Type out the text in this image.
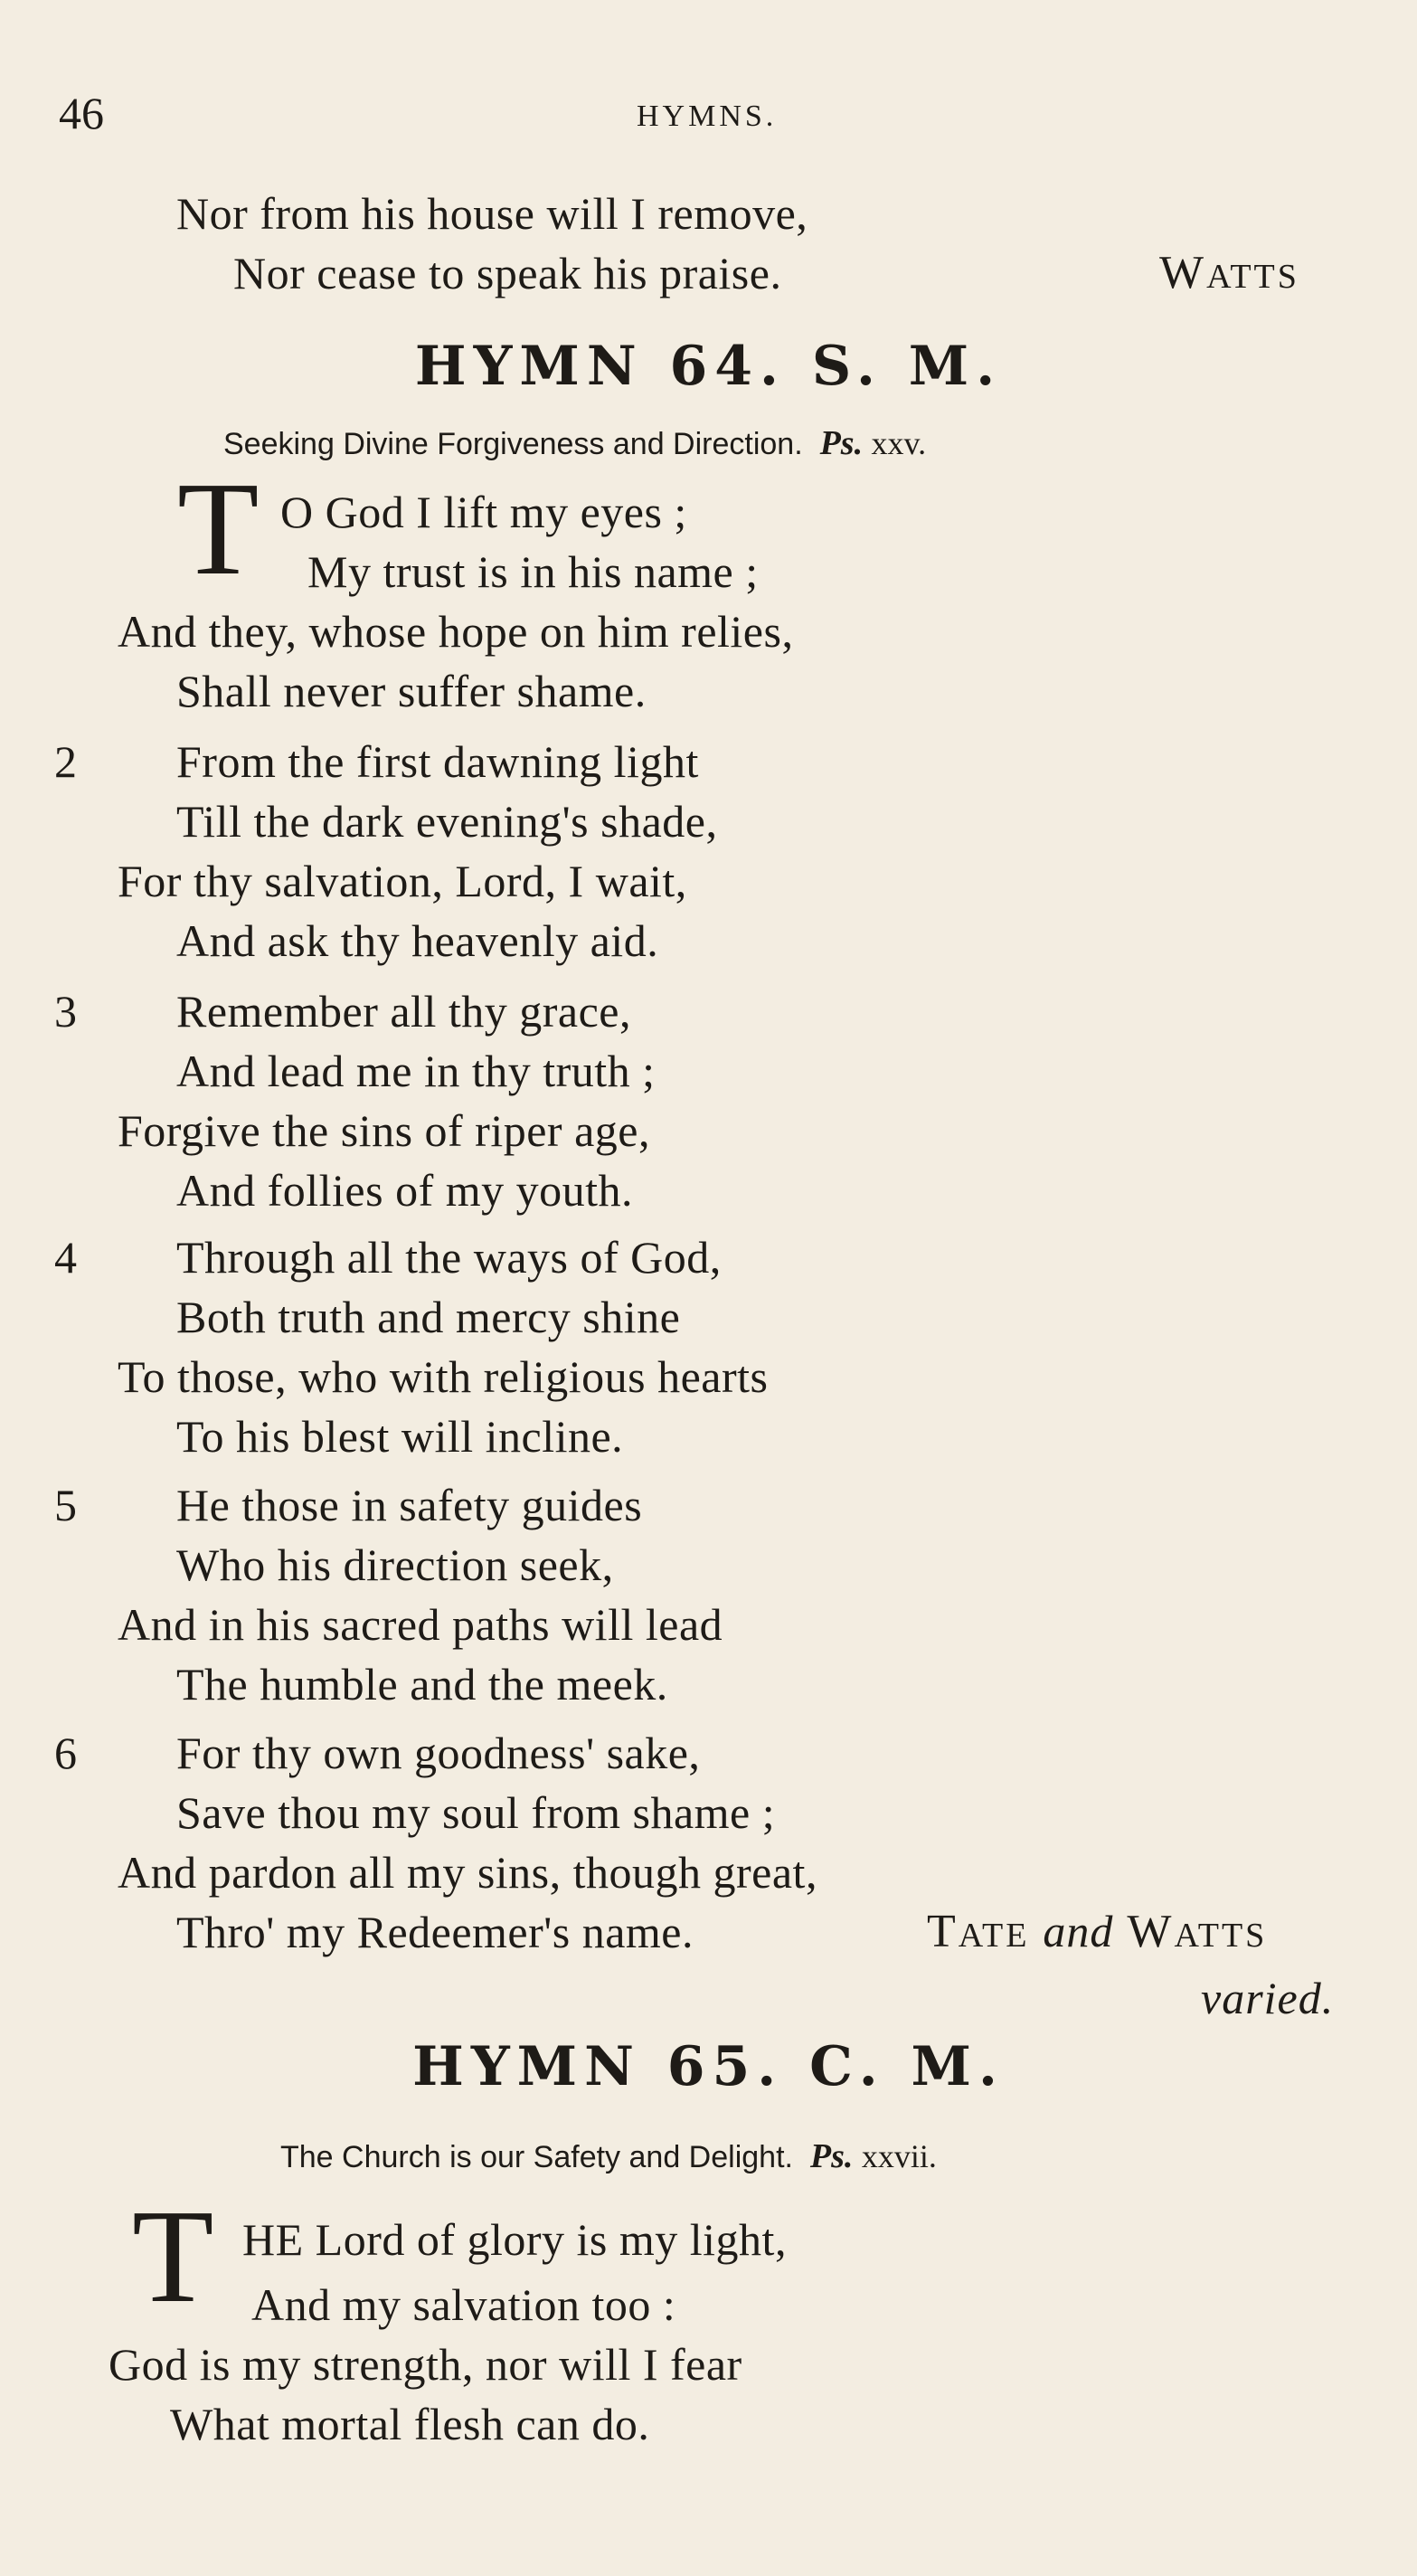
46	HYMNS.
Nor from his house will I remove,
Nor cease to speak his praise.	WATTS
HYMN 64. S. M.
Seeking Divine Forgiveness and Direction. Ps. xxv.
T O God I lift my eyes ;
My trust is in his name ;
And they, whose hope on him relies,
Shall never suffer shame.
2 From the first dawning light
Till the dark evening's shade,
For thy salvation, Lord, I wait,
And ask thy heavenly aid.
3 Remember all thy grace,
And lead me in thy truth ;
Forgive the sins of riper age,
And follies of my youth.
4 Through all the ways of God,
Both truth and mercy shine
To those, who with religious hearts
To his blest will incline.
5 He those in safety guides
Who his direction seek,
And in his sacred paths will lead
The humble and the meek.
6 For thy own goodness' sake,
Save thou my soul from shame ;
And pardon all my sins, though great,
Thro' my Redeemer's name.	TATE and WATTS
varied.
HYMN 65. C. M.
The Church is our Safety and Delight. Ps. xxvii.
T HE Lord of glory is my light,
And my salvation too :
God is my strength, nor will I fear
What mortal flesh can do.
